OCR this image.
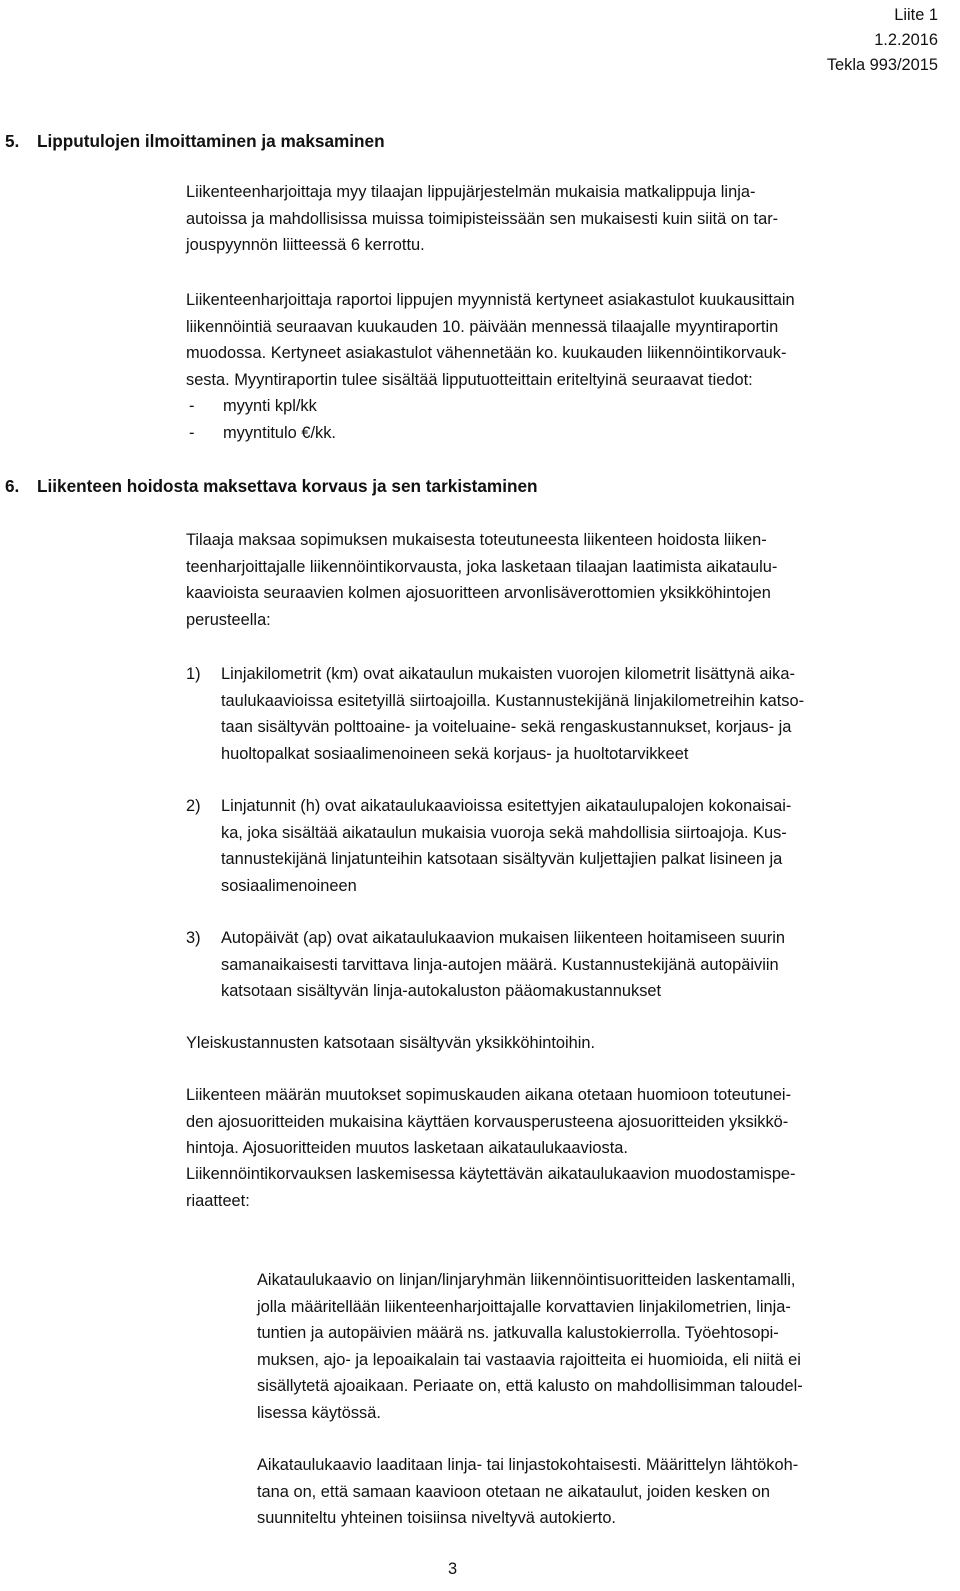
Liite 1
1.2.2016
Tekla 993/2015
5. Lipputulojen ilmoittaminen ja maksaminen
Liikenteenharjoittaja myy tilaajan lippujärjestelmän mukaisia matkalippuja linja-
autoissa ja mahdollisissa muissa toimipisteissään sen mukaisesti kuin siitä on tar-
jouspyynnön liitteessä 6 kerrottu.
Liikenteenharjoittaja raportoi lippujen myynnistä kertyneet asiakastulot kuukausittain
liikennöintiä seuraavan kuukauden 10. päivään mennessä tilaajalle myyntiraportin
muodossa. Kertyneet asiakastulot vähennetään ko. kuukauden liikennöintikorvauk-
sesta. Myyntiraportin tulee sisältää lipputuotteittain eriteltyinä seuraavat tiedot:
- myynti kpl/kk
- myyntitulo €/kk.
6. Liikenteen hoidosta maksettava korvaus ja sen tarkistaminen
Tilaaja maksaa sopimuksen mukaisesta toteutuneesta liikenteen hoidosta liiken-
teenharjoittajalle liikennöintikorvausta, joka lasketaan tilaajan laatimista aikataulu-
kaavioista seuraavien kolmen ajosuoritteen arvonlisäverottomien yksikköhintojen
perusteella:
1) Linjakilometrit (km) ovat aikataulun mukaisten vuorojen kilometrit lisättynä aika-
taulukaavioissa esitetyillä siirtoajoilla. Kustannustekijänä linjakilometreihin katso-
taan sisältyvän polttoaine- ja voiteluaine- sekä rengaskustannukset, korjaus- ja
huoltopalkat sosiaalimenoineen sekä korjaus- ja huoltotarvikkeet
2) Linjatunnit (h) ovat aikataulukaavioissa esitettyjen aikataulupalojen kokonaisai-
ka, joka sisältää aikataulun mukaisia vuoroja sekä mahdollisia siirtoajoja. Kus-
tannustekijänä linjatunteihin katsotaan sisältyvän kuljettajien palkat lisineen ja
sosiaalimenoineen
3) Autopäivät (ap) ovat aikataulukaavion mukaisen liikenteen hoitamiseen suurin
samanaikaisesti tarvittava linja-autojen määrä. Kustannustekijänä autopäiviin
katsotaan sisältyvän linja-autokaluston pääomakustannukset
Yleiskustannusten katsotaan sisältyvän yksikköhintoihin.
Liikenteen määrän muutokset sopimuskauden aikana otetaan huomioon toteutunei-
den ajosuoritteiden mukaisina käyttäen korvausperusteena ajosuoritteiden yksikkö-
hintoja. Ajosuoritteiden muutos lasketaan aikataulukaaviosta.
Liikennöintikorvauksen laskemisessa käytettävän aikataulukaavion muodostamispe-
riaatteet:
Aikataulukaavio on linjan/linjaryhmän liikennöintisuoritteiden laskentamalli,
jolla määritellään liikenteenharjoittajalle korvattavien linjakilometrien, linja-
tuntien ja autopäivien määrä ns. jatkuvalla kalustokierrolla. Työehtosopi-
muksen, ajo- ja lepoaikalain tai vastaavia rajoitteita ei huomioida, eli niitä ei
sisällytetä ajoaikaan. Periaate on, että kalusto on mahdollisimman taloudel-
lisessa käytössä.
Aikataulukaavio laaditaan linja- tai linjastokohtaisesti. Määrittelyn lähtökoh-
tana on, että samaan kaavioon otetaan ne aikataulut, joiden kesken on
suunniteltu yhteinen toisiinsa niveltyvä autokierto.
3
